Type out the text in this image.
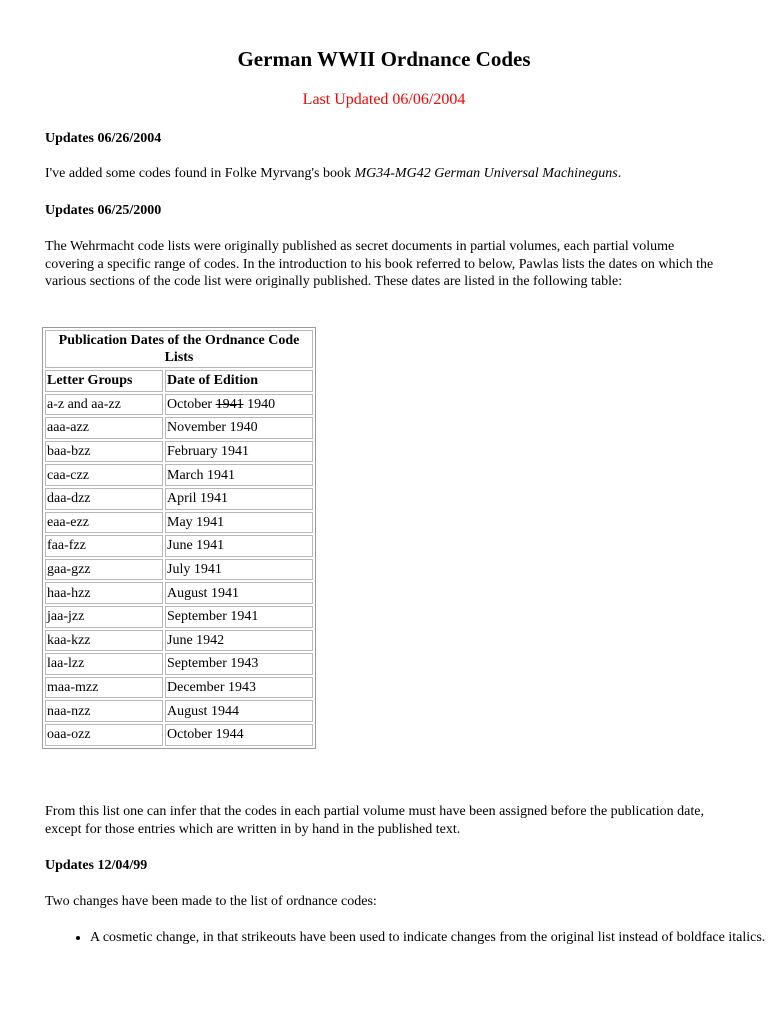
German WWII Ordnance Codes
Last Updated 06/06/2004

Updates 06/26/2004

I've added some codes found in Folke Myrvang's book MG34-MG42 German Universal Machineguns.

Updates 06/25/2000

The Wehrmacht code lists were originally published as secret documents in partial volumes, each partial volume covering a specific range of codes. In the introduction to his book referred to below, Pawlas lists the dates on which the various sections of the code list were originally published. These dates are listed in the following table:

Publication Dates of the Ordnance Code Lists	
Letter Groups	Date of Edition
a-z and aa-zz	October 1941 1940
aaa-azz	November 1940
baa-bzz	February 1941
caa-czz	March 1941
daa-dzz	April 1941
eaa-ezz	May 1941
faa-fzz	June 1941
gaa-gzz	July 1941
haa-hzz	August 1941
jaa-jzz	September 1941
kaa-kzz	June 1942
laa-lzz	September 1943
maa-mzz	December 1943
naa-nzz	August 1944
oaa-ozz	October 1944

From this list one can infer that the codes in each partial volume must have been assigned before the publication date, except for those entries which are written in by hand in the published text.

Updates 12/04/99

Two changes have been made to the list of ordnance codes:

• A cosmetic change, in that strikeouts have been used to indicate changes from the original list instead of boldface italics.
